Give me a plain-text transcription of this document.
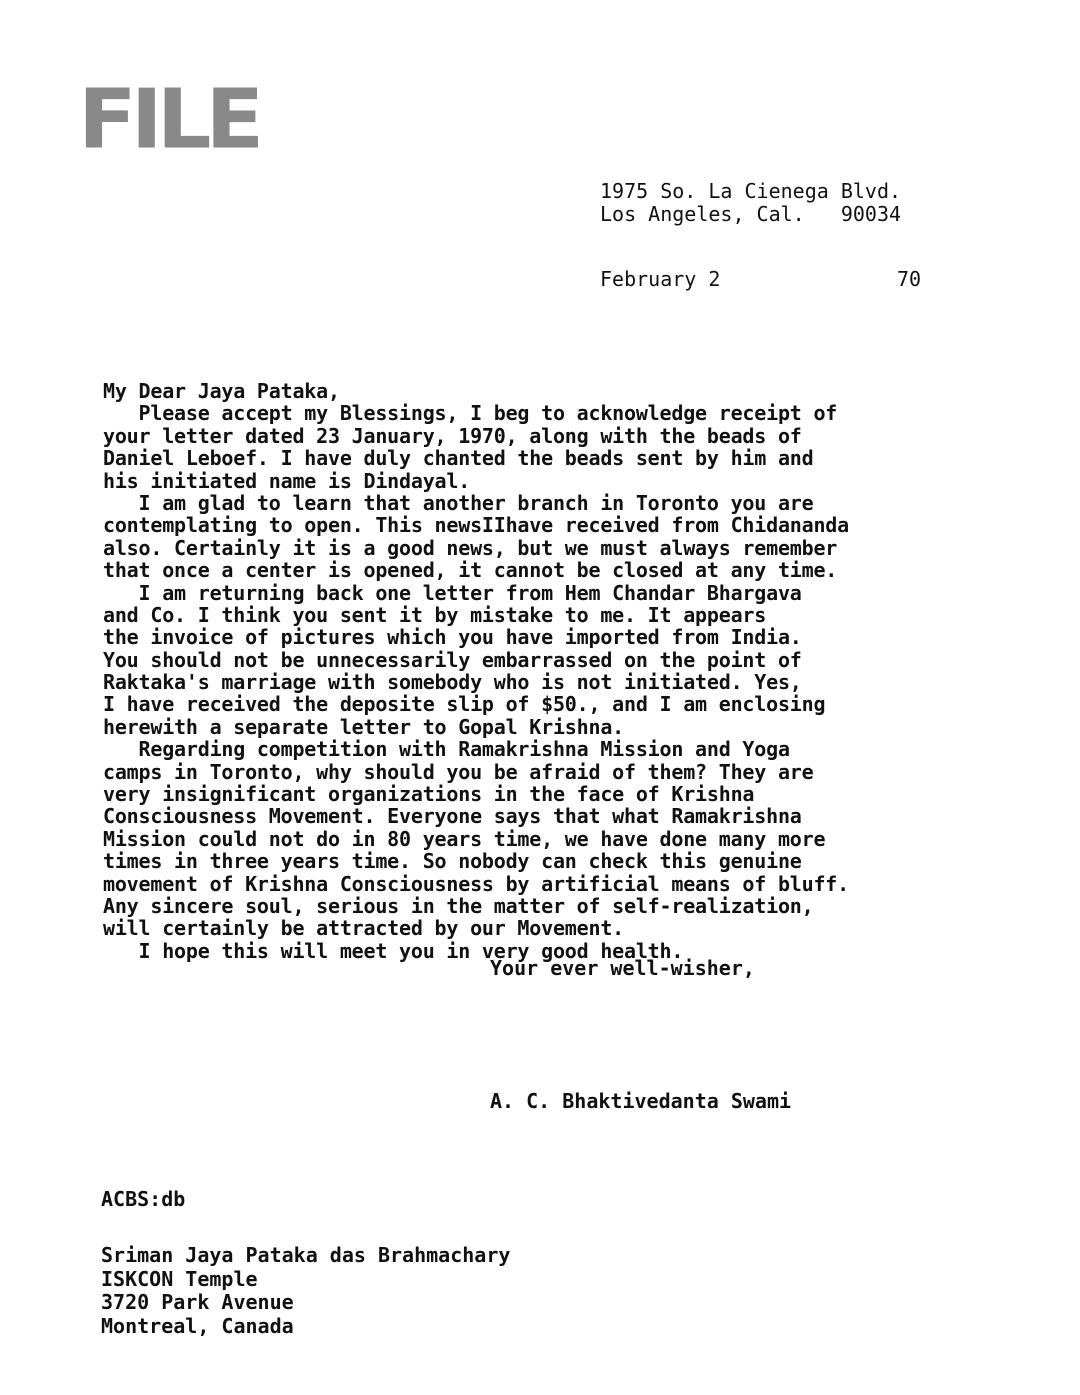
FILE
1975 So. La Cienega Blvd.
Los Angeles, Cal.   90034
February 2	70
My Dear Jaya Pataka,
Please accept my Blessings, I beg to acknowledge receipt of
your letter dated 23 January, 1970, along with the beads of
Daniel Leboef. I have duly chanted the beads sent by him and
his initiated name is Dindayal.
I am glad to learn that another branch in Toronto you are
contemplating to open. This newsIIhave received from Chidananda
also. Certainly it is a good news, but we must always remember
that once a center is opened, it cannot be closed at any time.
I am returning back one letter from Hem Chandar Bhargava
and Co. I think you sent it by mistake to me. It appears
the invoice of pictures which you have imported from India.
You should not be unnecessarily embarrassed on the point of
Raktaka's marriage with somebody who is not initiated. Yes,
I have received the deposite slip of $50., and I am enclosing
herewith a separate letter to Gopal Krishna.
Regarding competition with Ramakrishna Mission and Yoga
camps in Toronto, why should you be afraid of them? They are
very insignificant organizations in the face of Krishna
Consciousness Movement. Everyone says that what Ramakrishna
Mission could not do in 80 years time, we have done many more
times in three years time. So nobody can check this genuine
movement of Krishna Consciousness by artificial means of bluff.
Any sincere soul, serious in the matter of self-realization,
will certainly be attracted by our Movement.
I hope this will meet you in very good health.
Your ever well-wisher,
A. C. Bhaktivedanta Swami
ACBS:db
Sriman Jaya Pataka das Brahmachary
ISKCON Temple
3720 Park Avenue
Montreal, Canada
